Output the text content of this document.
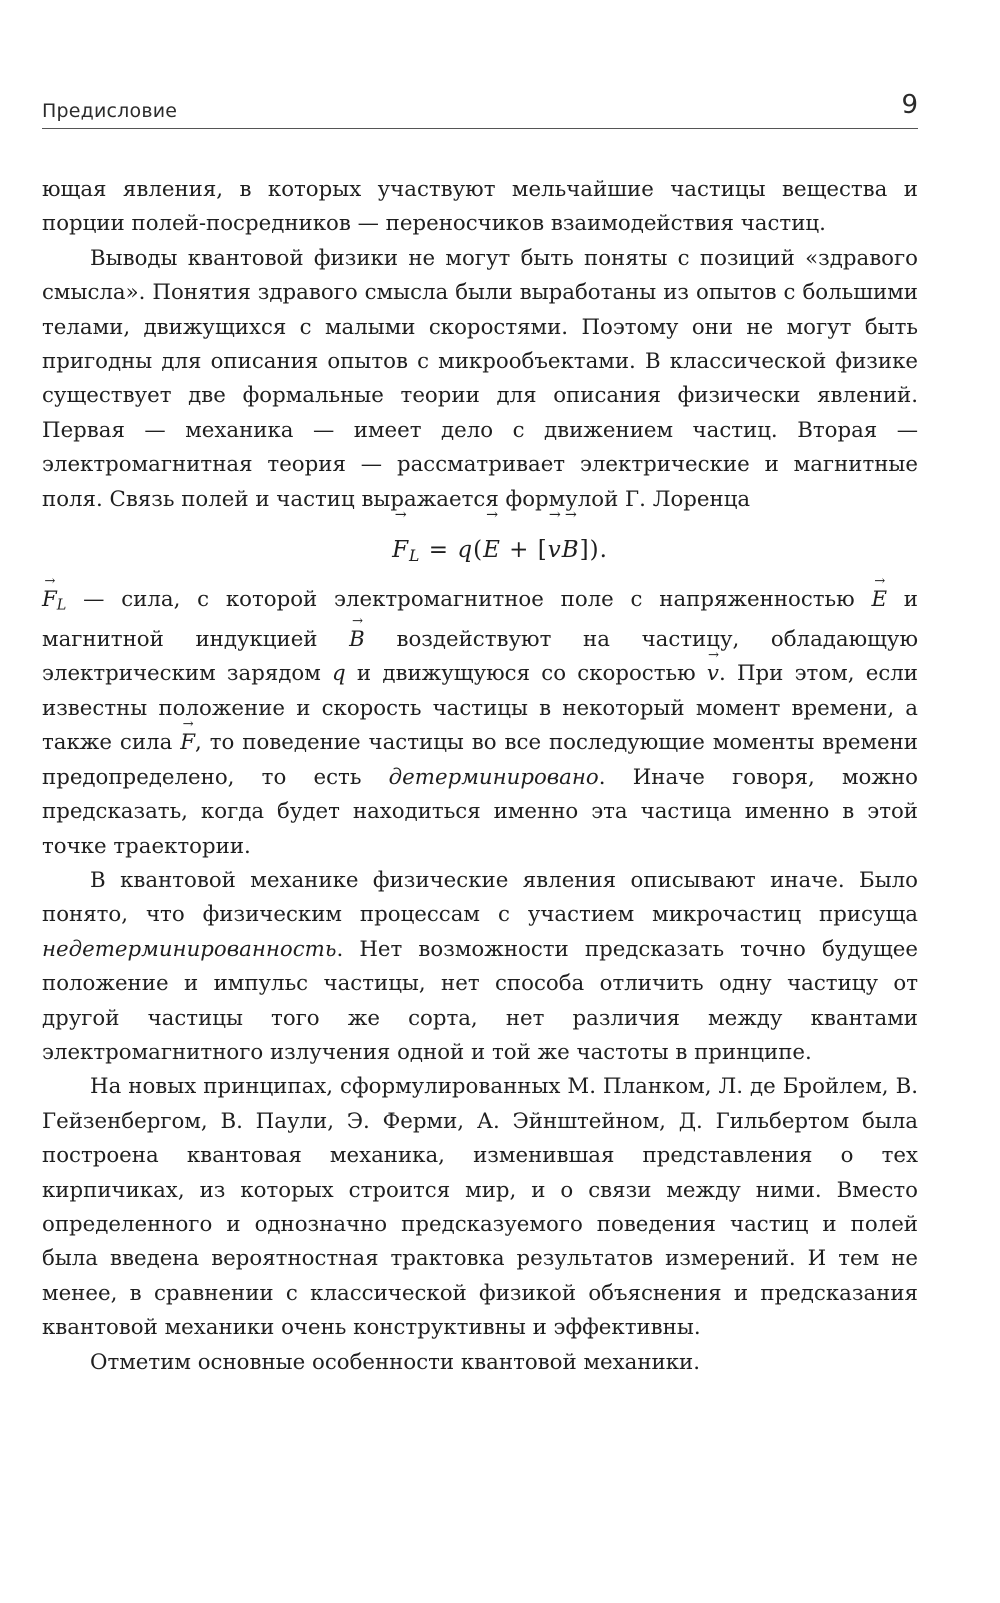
Предисловие	9

ющая явления, в которых участвуют мельчайшие частицы вещества и порции полей-посредников — переносчиков взаимодействия частиц.

Выводы квантовой физики не могут быть поняты с позиций «здравого смысла». Понятия здравого смысла были выработаны из опытов с большими телами, движущихся с малыми скоростями. Поэтому они не могут быть пригодны для описания опытов с микрообъектами. В классической физике существует две формальные теории для описания физически явлений. Первая — механика — имеет дело с движением частиц. Вторая — электромагнитная теория — рассматривает электрические и магнитные поля. Связь полей и частиц выражается формулой Г. Лоренца

→ $F_L = q(\to E$ + [→ v→ B]).

→ $F_L$ — сила, с которой электромагнитное поле с напряженностью → E и магнитной индукцией → B воздействуют на частицу, обладающую электрическим зарядом q и движущуюся со скоростью → v. При этом, если известны положение и скорость частицы в некоторый момент времени, а также сила → F, то поведение частицы во все последующие моменты времени предопределено, то есть детерминировано. Иначе говоря, можно предсказать, когда будет находиться именно эта частица именно в этой точке траектории.

В квантовой механике физические явления описывают иначе. Было понято, что физическим процессам с участием микрочастиц присуща недетерминированность. Нет возможности предсказать точно будущее положение и импульс частицы, нет способа отличить одну частицу от другой частицы того же сорта, нет различия между квантами электромагнитного излучения одной и той же частоты в принципе.

На новых принципах, сформулированных М. Планком, Л. де Бройлем, В. Гейзенбергом, В. Паули, Э. Ферми, А. Эйнштейном, Д. Гильбертом была построена квантовая механика, изменившая представления о тех кирпичиках, из которых строится мир, и о связи между ними. Вместо определенного и однозначно предсказуемого поведения частиц и полей была введена вероятностная трактовка результатов измерений. И тем не менее, в сравнении с классической физикой объяснения и предсказания квантовой механики очень конструктивны и эффективны.

Отметим основные особенности квантовой механики.
